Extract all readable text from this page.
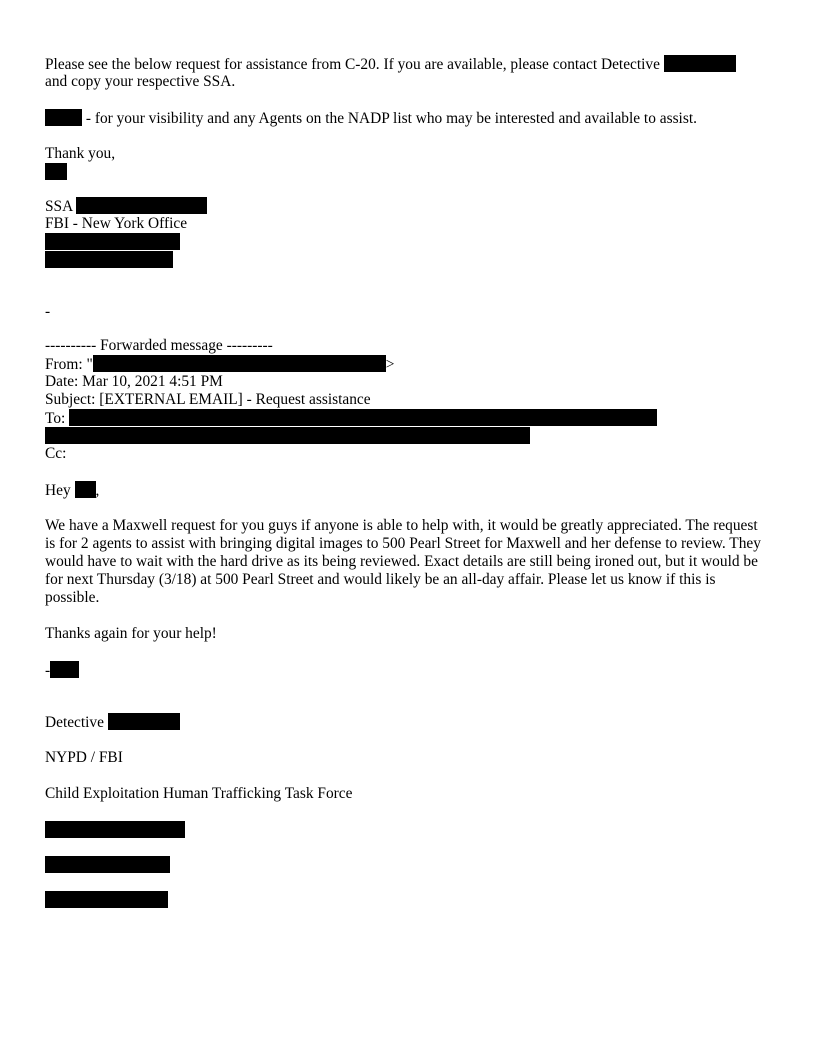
Please see the below request for assistance from C-20. If you are available, please contact Detective
and copy your respective SSA.
- for your visibility and any Agents on the NADP list who may be interested and available to assist.
Thank you,
SSA
FBI - New York Office
-
---------- Forwarded message ---------
From: "	>
Date: Mar 10, 2021 4:51 PM
Subject: [EXTERNAL EMAIL] - Request assistance
To:
Cc:
Hey ,
We have a Maxwell request for you guys if anyone is able to help with, it would be greatly appreciated. The request is for 2 agents to assist with bringing digital images to 500 Pearl Street for Maxwell and her defense to review. They would have to wait with the hard drive as its being reviewed. Exact details are still being ironed out, but it would be for next Thursday (3/18) at 500 Pearl Street and would likely be an all-day affair. Please let us know if this is possible.
Thanks again for your help!
-
Detective
NYPD / FBI
Child Exploitation Human Trafficking Task Force
